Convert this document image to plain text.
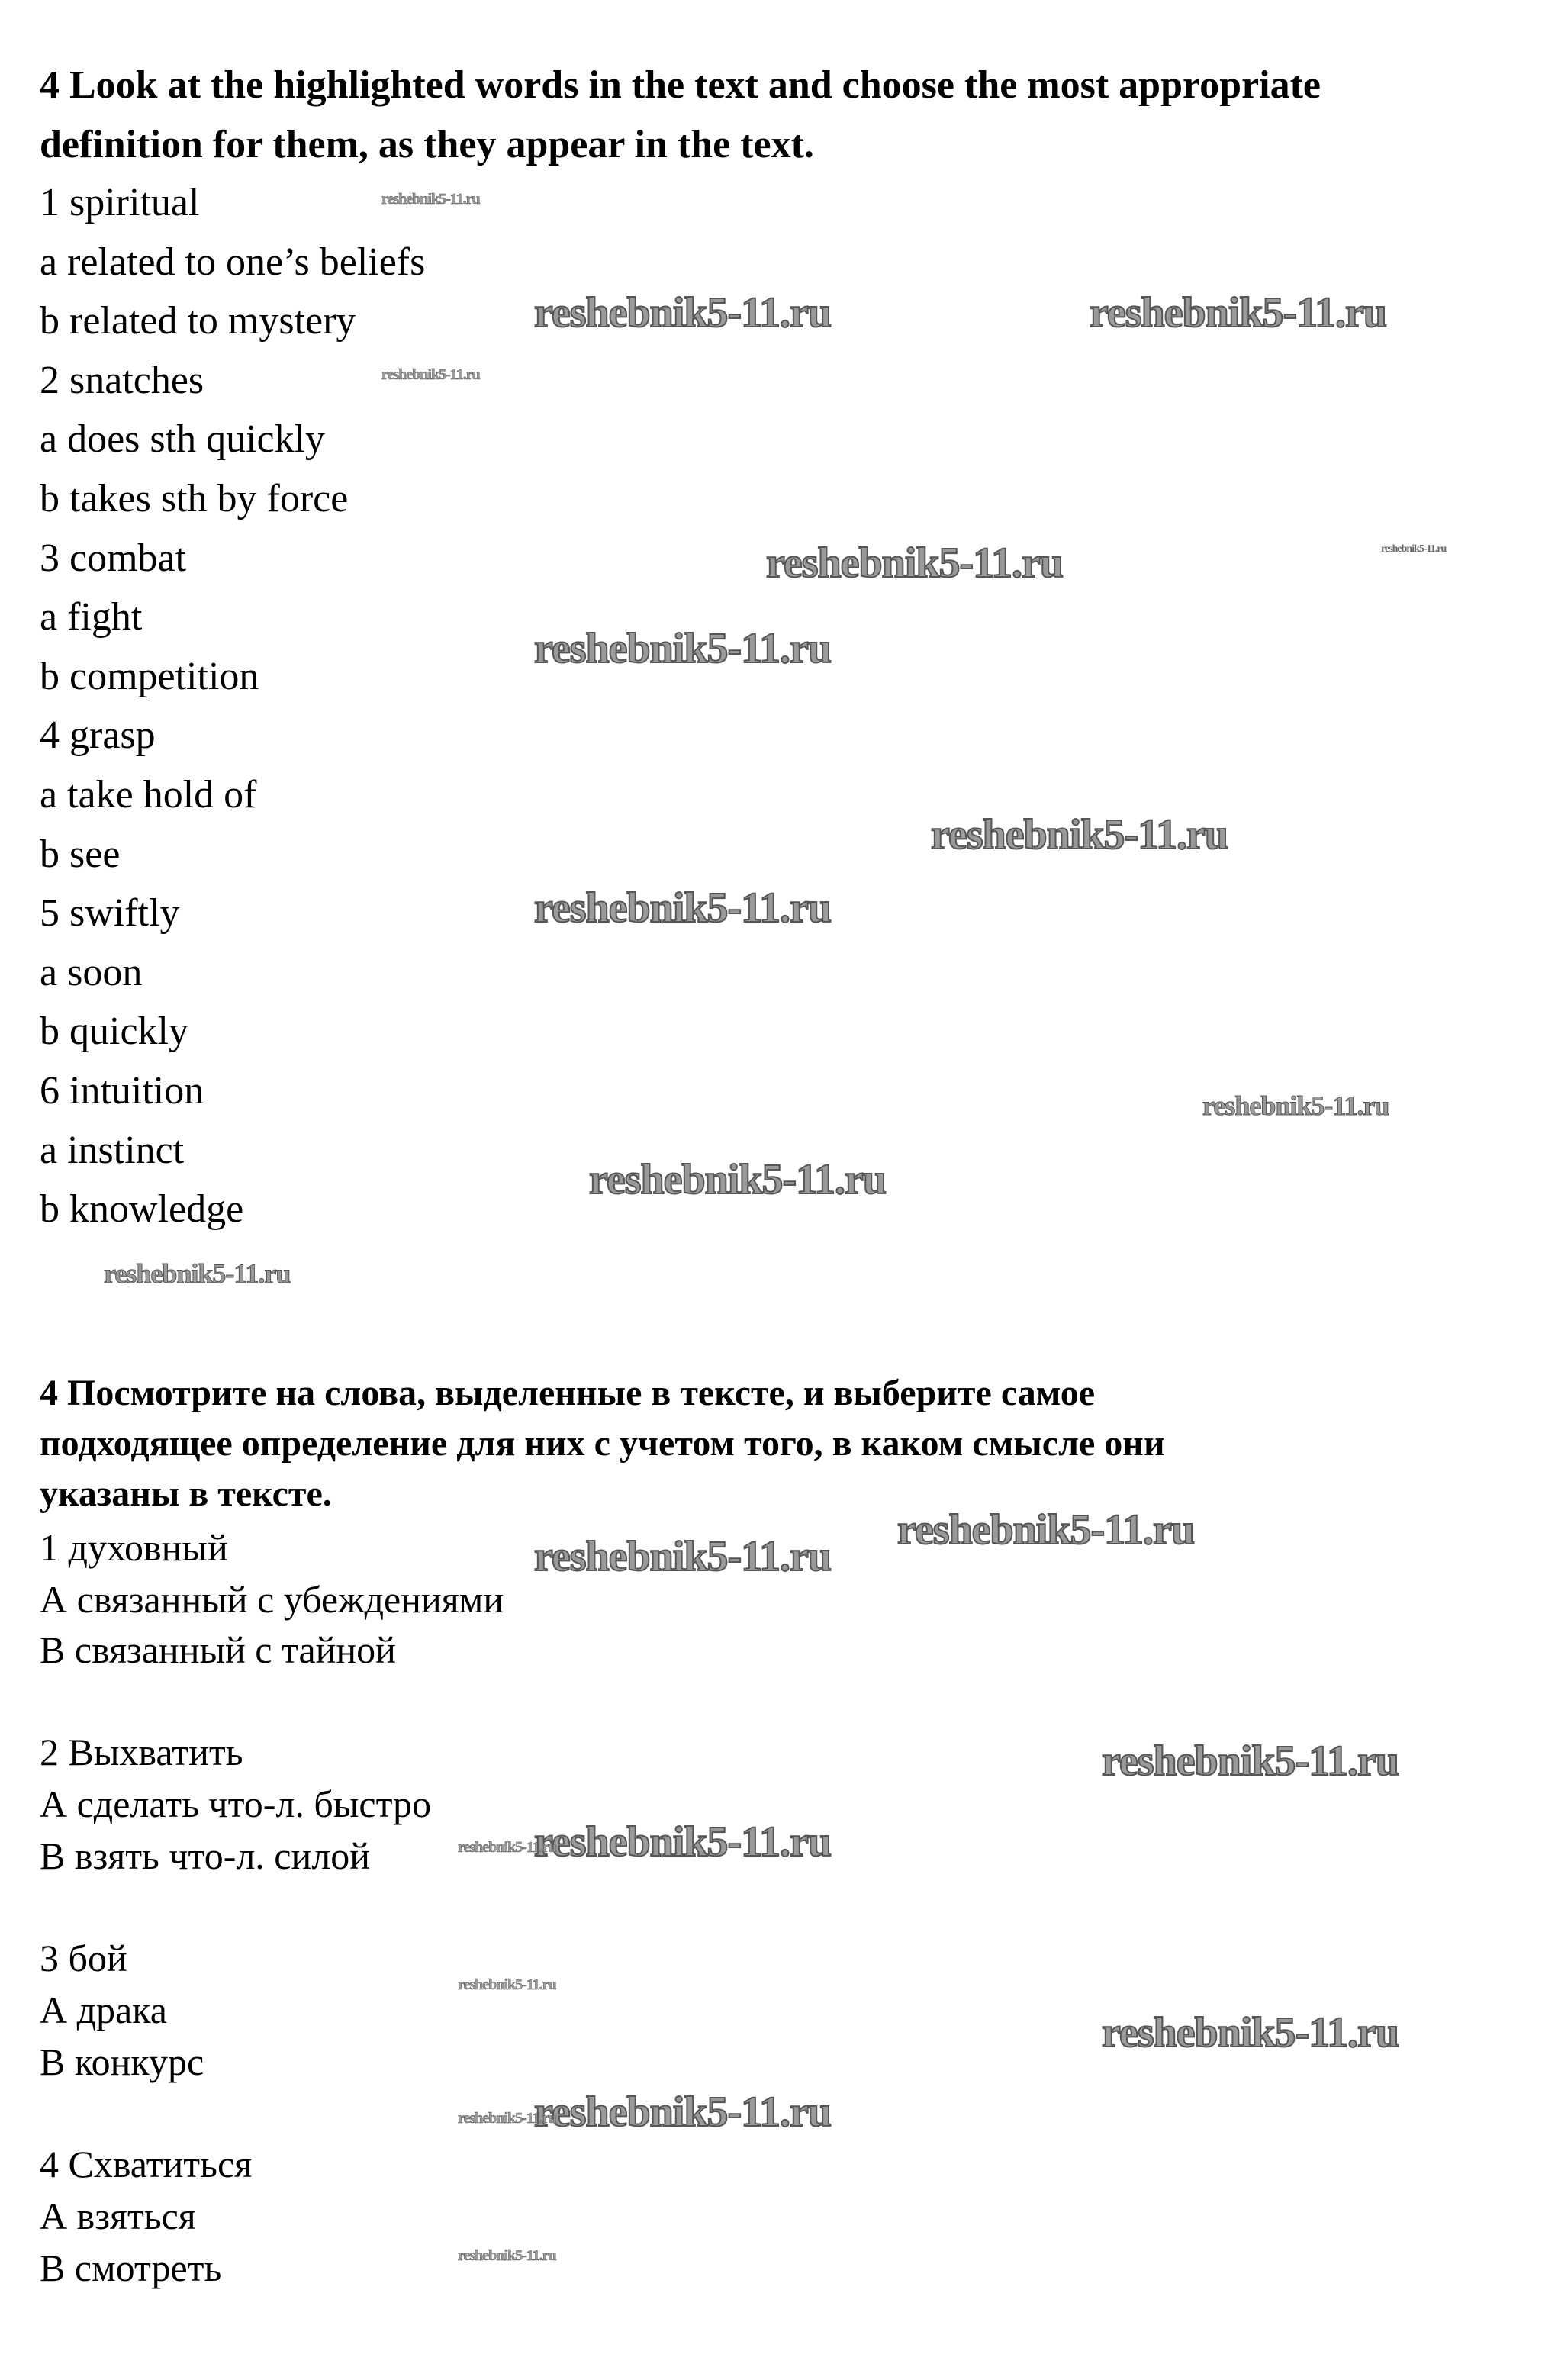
4 Look at the highlighted words in the text and choose the most appropriate
definition for them, as they appear in the text.
1 spiritual
a related to one’s beliefs
b related to mystery
2 snatches
a does sth quickly
b takes sth by force
3 combat
a fight
b competition
4 grasp
a take hold of
b see
5 swiftly
a soon
b quickly
6 intuition
a instinct
b knowledge
4 Посмотрите на слова, выделенные в тексте, и выберите самое
подходящее определение для них с учетом того, в каком смысле они
указаны в тексте.
1 духовный
А связанный с убеждениями
В связанный с тайной
2 Выхватить
А сделать что-л. быстро
В взять что-л. силой
3 бой
А драка
В конкурс
4 Схватиться
А взяться
В смотреть
reshebnik5-11.ru	reshebnik5-11.ru
reshebnik5-11.ru
reshebnik5-11.ru
reshebnik5-11.ru
reshebnik5-11.ru
reshebnik5-11.ru
reshebnik5-11.ru
reshebnik5-11.ru
reshebnik5-11.ru
reshebnik5-11.ru
reshebnik5-11.ru
reshebnik5-11.ru
reshebnik5-11.ru
reshebnik5-11.ru
reshebnik5-11.ru
reshebnik5-11.ru
reshebnik5-11.ru
reshebnik5-11.ru
reshebnik5-11.ru
reshebnik5-11.ru
reshebnik5-11.ru
